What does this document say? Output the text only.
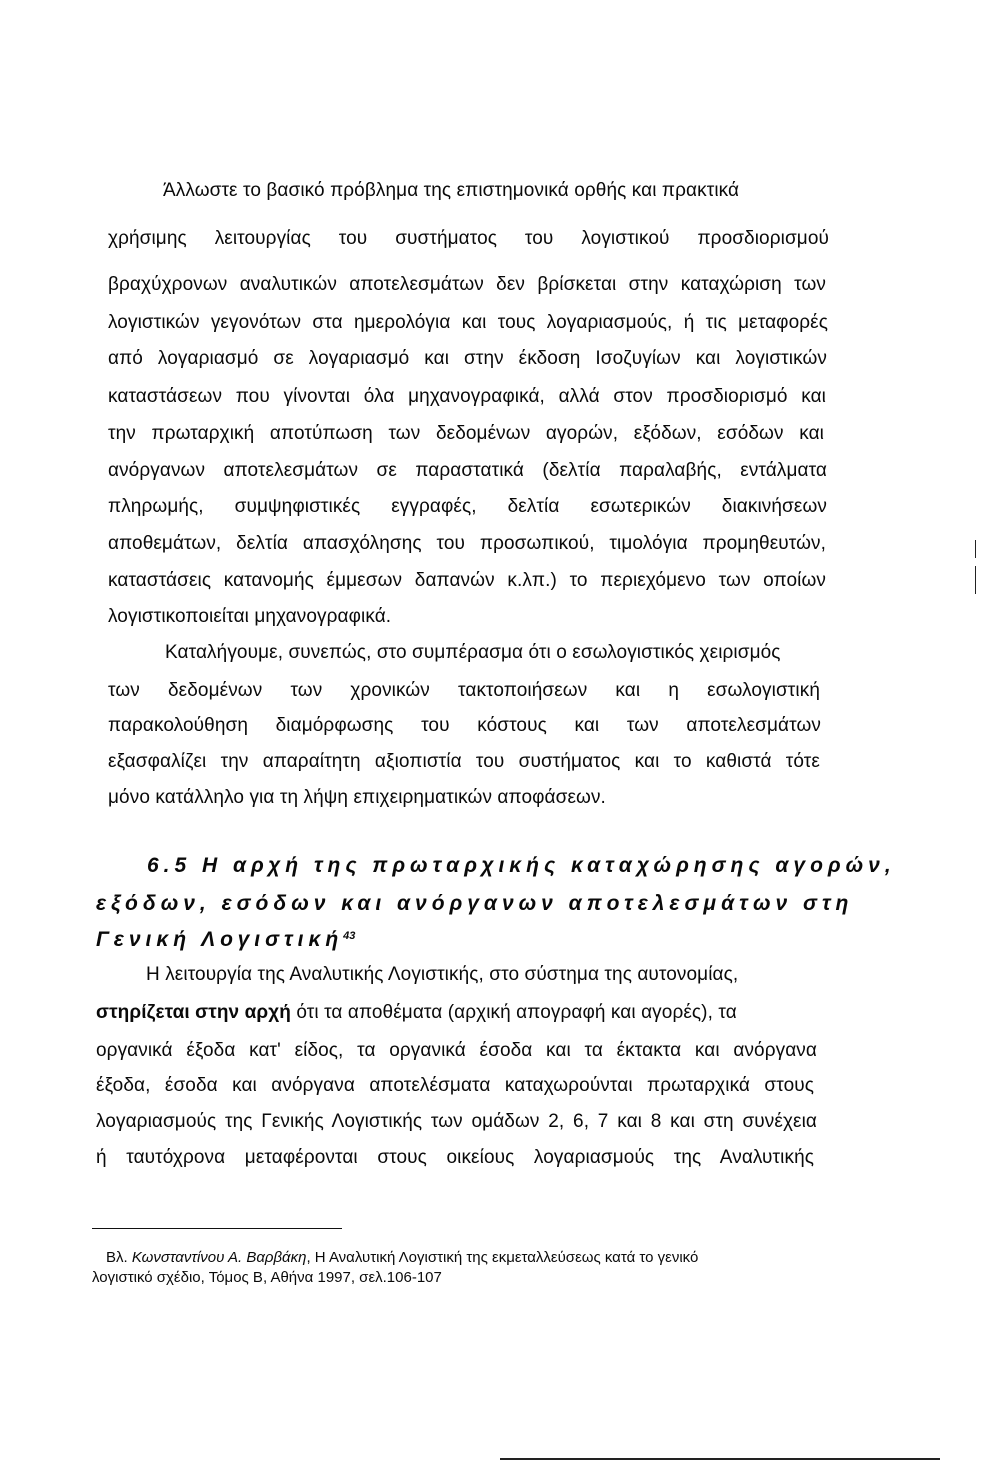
Άλλωστε το βασικό πρόβλημα της επιστημονικά ορθής και πρακτικά
χρήσιμης λειτουργίας του συστήματος του λογιστικού προσδιορισμού
βραχύχρονων αναλυτικών αποτελεσμάτων δεν βρίσκεται στην καταχώριση των
λογιστικών γεγονότων στα ημερολόγια και τους λογαριασμούς, ή τις μεταφορές
από λογαριασμό σε λογαριασμό και στην έκδοση Ισοζυγίων και λογιστικών
καταστάσεων που γίνονται όλα μηχανογραφικά, αλλά στον προσδιορισμό και
την πρωταρχική αποτύπωση των δεδομένων αγορών, εξόδων, εσόδων και
ανόργανων αποτελεσμάτων σε παραστατικά (δελτία παραλαβής, εντάλματα
πληρωμής, συμψηφιστικές εγγραφές, δελτία εσωτερικών διακινήσεων
αποθεμάτων, δελτία απασχόλησης του προσωπικού, τιμολόγια προμηθευτών,
καταστάσεις κατανομής έμμεσων δαπανών κ.λπ.) το περιεχόμενο των οποίων
λογιστικοποιείται μηχανογραφικά.
Καταλήγουμε, συνεπώς, στο συμπέρασμα ότι ο εσωλογιστικός χειρισμός
των δεδομένων των χρονικών τακτοποιήσεων και η εσωλογιστική
παρακολούθηση διαμόρφωσης του κόστους και των αποτελεσμάτων
εξασφαλίζει την απαραίτητη αξιοπιστία του συστήματος και το καθιστά τότε
μόνο κατάλληλο για τη λήψη επιχειρηματικών αποφάσεων.
6.5 Η αρχή της πρωταρχικής καταχώρησης αγορών,
εξόδων, εσόδων και ανόργανων αποτελεσμάτων στη
Γενική Λογιστική$^{43}$
Η λειτουργία της Αναλυτικής Λογιστικής, στο σύστημα της αυτονομίας,
στηρίζεται στην αρχή ότι τα αποθέματα (αρχική απογραφή και αγορές), τα
οργανικά έξοδα κατ' είδος, τα οργανικά έσοδα και τα έκτακτα και ανόργανα
έξοδα, έσοδα και ανόργανα αποτελέσματα καταχωρούνται πρωταρχικά στους
λογαριασμούς της Γενικής Λογιστικής των ομάδων 2, 6, 7 και 8 και στη συνέχεια
ή ταυτόχρονα μεταφέρονται στους οικείους λογαριασμούς της Αναλυτικής
Βλ. Κωνσταντίνου Α. Βαρβάκη, Η Αναλυτική Λογιστική της εκμεταλλεύσεως κατά το γενικό
λογιστικό σχέδιο, Τόμος Β, Αθήνα 1997, σελ.106-107
